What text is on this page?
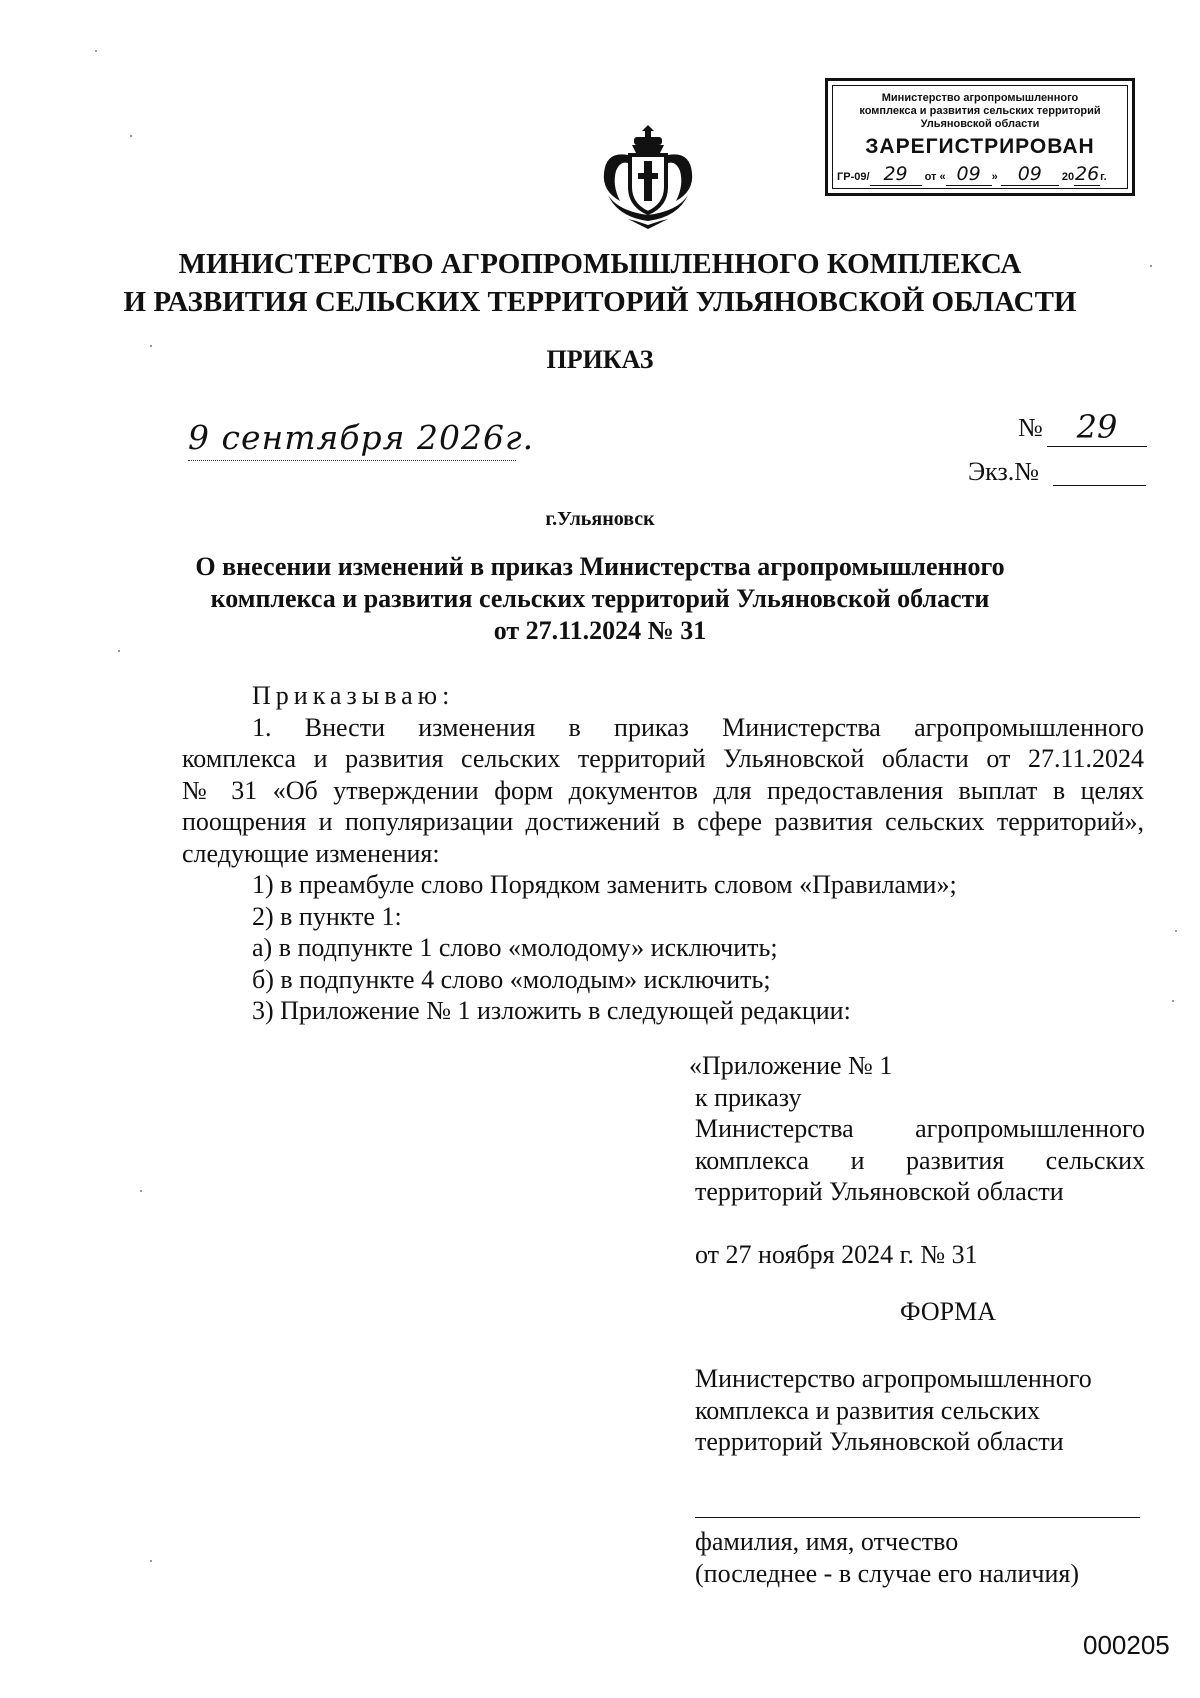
Министерство агропромышленного
комплекса и развития сельских территорий
Ульяновской области
ЗАРЕГИСТРИРОВАН
ГР-09/ 29 от « 09 » 09 2026г.
МИНИСТЕРСТВО АГРОПРОМЫШЛЕННОГО КОМПЛЕКСА
И РАЗВИТИЯ СЕЛЬСКИХ ТЕРРИТОРИЙ УЛЬЯНОВСКОЙ ОБЛАСТИ
ПРИКАЗ
9 сентября 2026г.	№	29
Экз.№
г.Ульяновск
О внесении изменений в приказ Министерства агропромышленного
комплекса и развития сельских территорий Ульяновской области
от 27.11.2024 № 31

Приказываю:

1. Внести изменения в приказ Министерства агропромышленного

комплекса и развития сельских территорий Ульяновской области от 27.11.2024

№ 31 «Об утверждении форм документов для предоставления выплат в целях

поощрения и популяризации достижений в сфере развития сельских территорий»,

следующие изменения:

1) в преамбуле слово Порядком заменить словом «Правилами»;

2) в пункте 1:

а) в подпункте 1 слово «молодому» исключить;

б) в подпункте 4 слово «молодым» исключить;

3) Приложение № 1 изложить в следующей редакции:

«Приложение № 1

к приказу

Министерства агропромышленного

комплекса и развития сельских

территорий Ульяновской области

от 27 ноября 2024 г. № 31

ФОРМА
Министерство агропромышленного
комплекса и развития сельских
территорий Ульяновской области
фамилия, имя, отчество
(последнее - в случае его наличия)
000205
